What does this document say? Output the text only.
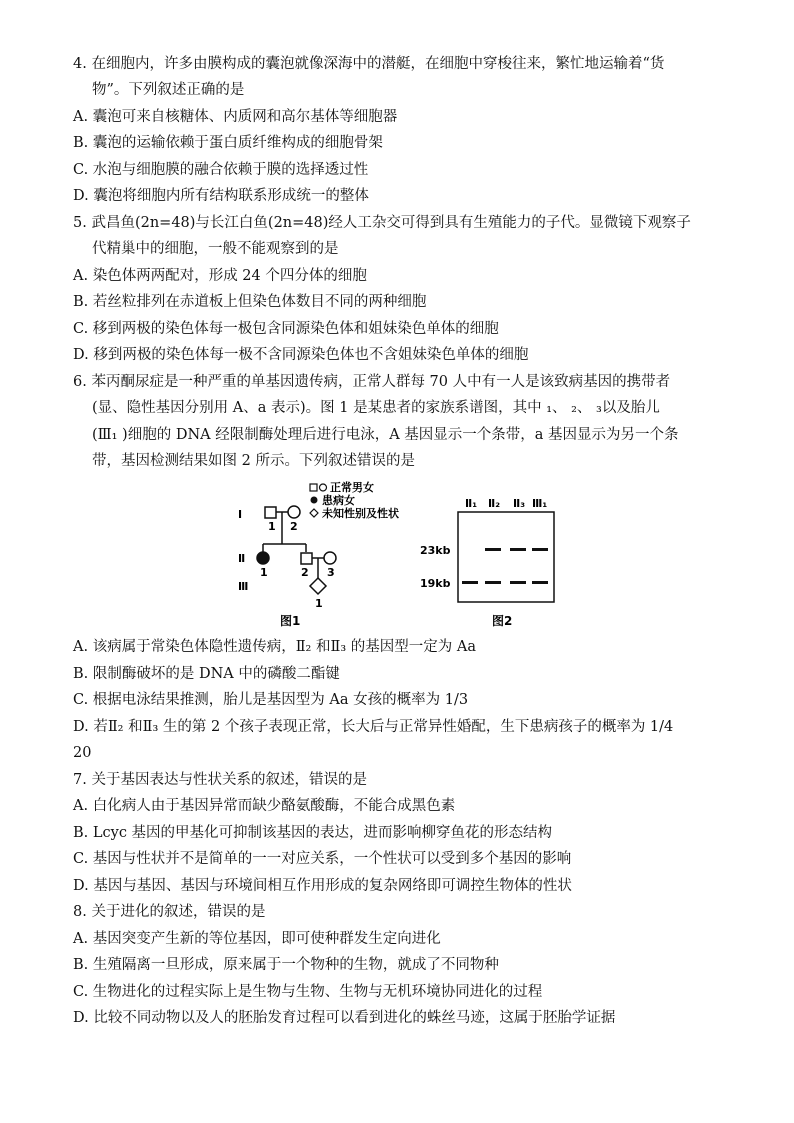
4. 在细胞内，许多由膜构成的囊泡就像深海中的潜艇，在细胞中穿梭往来，繁忙地运输着“货
物”。下列叙述正确的是
A. 囊泡可来自核糖体、内质网和高尔基体等细胞器
B. 囊泡的运输依赖于蛋白质纤维构成的细胞骨架
C. 水泡与细胞膜的融合依赖于膜的选择透过性
D. 囊泡将细胞内所有结构联系形成统一的整体
5. 武昌鱼(2n=48)与长江白鱼(2n=48)经人工杂交可得到具有生殖能力的子代。显微镜下观察子
代精巢中的细胞，一般不能观察到的是
A. 染色体两两配对，形成 24 个四分体的细胞
B. 若丝粒排列在赤道板上但染色体数目不同的两种细胞
C. 移到两极的染色体每一极包含同源染色体和姐妹染色单体的细胞
D. 移到两极的染色体每一极不含同源染色体也不含姐妹染色单体的细胞
6. 苯丙酮尿症是一种严重的单基因遗传病，正常人群每 70 人中有一人是该致病基因的携带者
(显、隐性基因分别用 A、a 表示)。图 1 是某患者的家族系谱图，其中 ₁、 ₂、 ₃以及胎儿
(Ⅲ₁ )细胞的 DNA 经限制酶处理后进行电泳，A 基因显示一个条带，a 基因显示为另一个条
带，基因检测结果如图 2 所示。下列叙述错误的是
Ⅰ
Ⅱ
Ⅲ
1 2
1	2 3
1
正常男女
患病女
未知性别及性状
图1
Ⅱ₁ Ⅱ₂ Ⅱ₃ Ⅲ₁
23kb
19kb
图2
A. 该病属于常染色体隐性遗传病，Ⅱ₂ 和Ⅱ₃ 的基因型一定为 Aa
B. 限制酶破坏的是 DNA 中的磷酸二酯键
C. 根据电泳结果推测，胎儿是基因型为 Aa 女孩的概率为 1/3
D. 若Ⅱ₂ 和Ⅱ₃ 生的第 2 个孩子表现正常，长大后与正常异性婚配，生下患病孩子的概率为 1/4
20
7. 关于基因表达与性状关系的叙述，错误的是
A. 白化病人由于基因异常而缺少酪氨酸酶，不能合成黑色素
B. Lcyc 基因的甲基化可抑制该基因的表达，进而影响柳穿鱼花的形态结构
C. 基因与性状并不是简单的一一对应关系，一个性状可以受到多个基因的影响
D. 基因与基因、基因与环境间相互作用形成的复杂网络即可调控生物体的性状
8. 关于进化的叙述，错误的是
A. 基因突变产生新的等位基因，即可使种群发生定向进化
B. 生殖隔离一旦形成，原来属于一个物种的生物，就成了不同物种
C. 生物进化的过程实际上是生物与生物、生物与无机环境协同进化的过程
D. 比较不同动物以及人的胚胎发育过程可以看到进化的蛛丝马迹，这属于胚胎学证据
